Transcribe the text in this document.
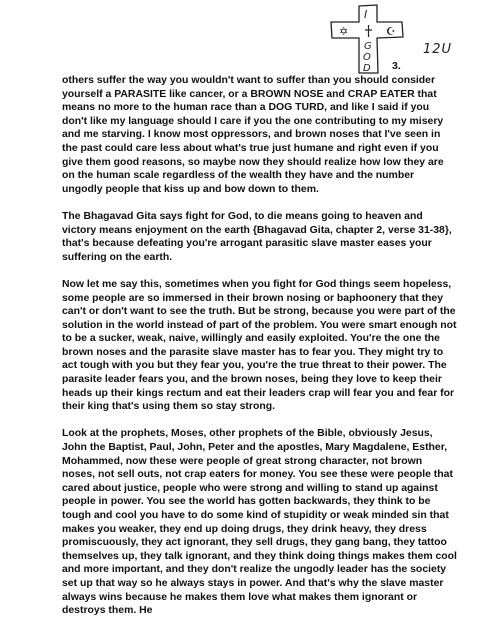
I
G
O
D
✡	☪
12U
3.

others suffer the way you wouldn't want to suffer than you should consider yourself a PARASITE like cancer, or a BROWN NOSE and CRAP EATER that means no more to the human race than a DOG TURD, and like I said if you don't like my language should I care if you the one contributing to my misery and me starving. I know most oppressors, and brown noses that I've seen in the past could care less about what's true just humane and right even if you give them good reasons, so maybe now they should realize how low they are on the human scale regardless of the wealth they have and the number ungodly people that kiss up and bow down to them.

The Bhagavad Gita says fight for God, to die means going to heaven and victory means enjoyment on the earth {Bhagavad Gita, chapter 2, verse 31-38}, that's because defeating you're arrogant parasitic slave master eases your suffering on the earth.

Now let me say this, sometimes when you fight for God things seem hopeless, some people are so immersed in their brown nosing or baphoonery that they can't or don't want to see the truth. But be strong, because you were part of the solution in the world instead of part of the problem. You were smart enough not to be a sucker, weak, naive, willingly and easily exploited. You're the one the brown noses and the parasite slave master has to fear you. They might try to act tough with you but they fear you, you're the true threat to their power. The parasite leader fears you, and the brown noses, being they love to keep their heads up their kings rectum and eat their leaders crap will fear you and fear for their king that's using them so stay strong.

Look at the prophets, Moses, other prophets of the Bible, obviously Jesus, John the Baptist, Paul, John, Peter and the apostles, Mary Magdalene, Esther, Mohammed, now these were people of great strong character, not brown noses, not sell outs, not crap eaters for money. You see these were people that cared about justice, people who were strong and willing to stand up against people in power. You see the world has gotten backwards, they think to be tough and cool you have to do some kind of stupidity or weak minded sin that makes you weaker, they end up doing drugs, they drink heavy, they dress promiscuously, they act ignorant, they sell drugs, they gang bang, they tattoo themselves up, they talk ignorant, and they think doing things makes them cool and more important, and they don't realize the ungodly leader has the society set up that way so he always stays in power. And that's why the slave master always wins because he makes them love what makes them ignorant or destroys them. He
